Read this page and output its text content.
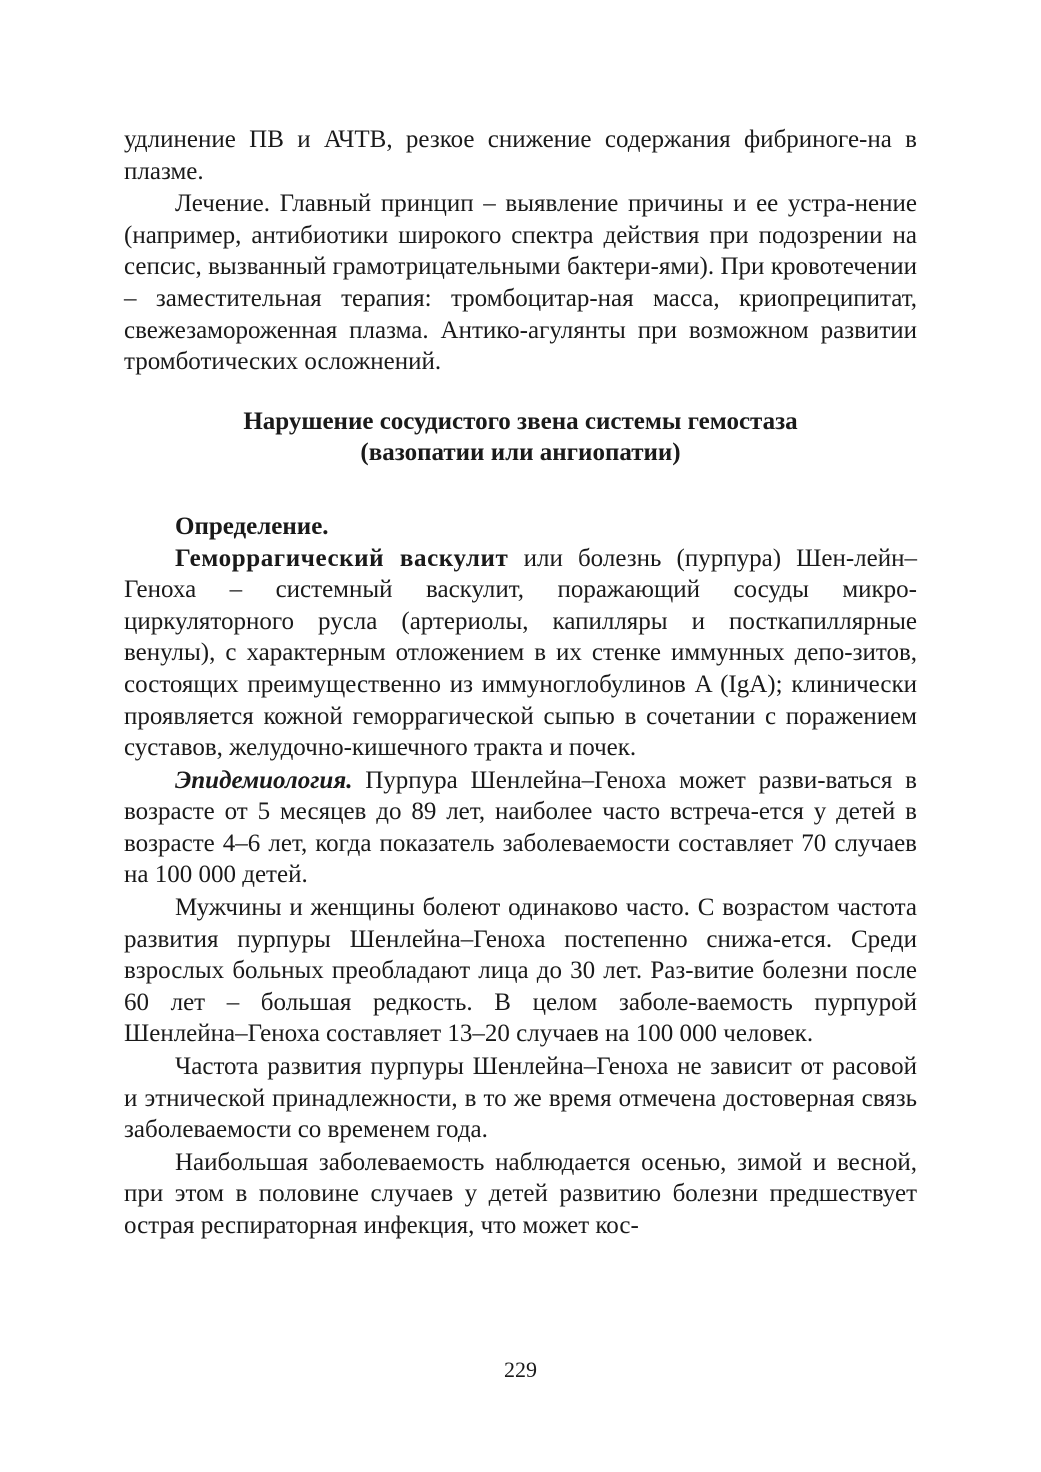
удлинение ПВ и АЧТВ, резкое снижение содержания фибриноге-на в плазме.

Лечение. Главный принцип – выявление причины и ее устра-нение (например, антибиотики широкого спектра действия при подозрении на сепсис, вызванный грамотрицательными бактери-ями). При кровотечении – заместительная терапия: тромбоцитар-ная масса, криопреципитат, свежезамороженная плазма. Антико-агулянты при возможном развитии тромботических осложнений.

Нарушение сосудистого звена системы гемостаза
(вазопатии или ангиопатии)

Определение.

Геморрагический васкулит или болезнь (пурпура) Шен-лейн–Геноха – системный васкулит, поражающий сосуды микро-циркуляторного русла (артериолы, капилляры и посткапиллярные венулы), с характерным отложением в их стенке иммунных депо-зитов, состоящих преимущественно из иммуноглобулинов A (IgA); клинически проявляется кожной геморрагической сыпью в сочетании с поражением суставов, желудочно-кишечного тракта и почек.

Эпидемиология. Пурпура Шенлейна–Геноха может разви-ваться в возрасте от 5 месяцев до 89 лет, наиболее часто встреча-ется у детей в возрасте 4–6 лет, когда показатель заболеваемости составляет 70 случаев на 100 000 детей.

Мужчины и женщины болеют одинаково часто. С возрастом частота развития пурпуры Шенлейна–Геноха постепенно снижа-ется. Среди взрослых больных преобладают лица до 30 лет. Раз-витие болезни после 60 лет – большая редкость. В целом заболе-ваемость пурпурой Шенлейна–Геноха составляет 13–20 случаев на 100 000 человек.

Частота развития пурпуры Шенлейна–Геноха не зависит от расовой и этнической принадлежности, в то же время отмечена достоверная связь заболеваемости со временем года.

Наибольшая заболеваемость наблюдается осенью, зимой и весной, при этом в половине случаев у детей развитию болезни предшествует острая респираторная инфекция, что может кос-

229
